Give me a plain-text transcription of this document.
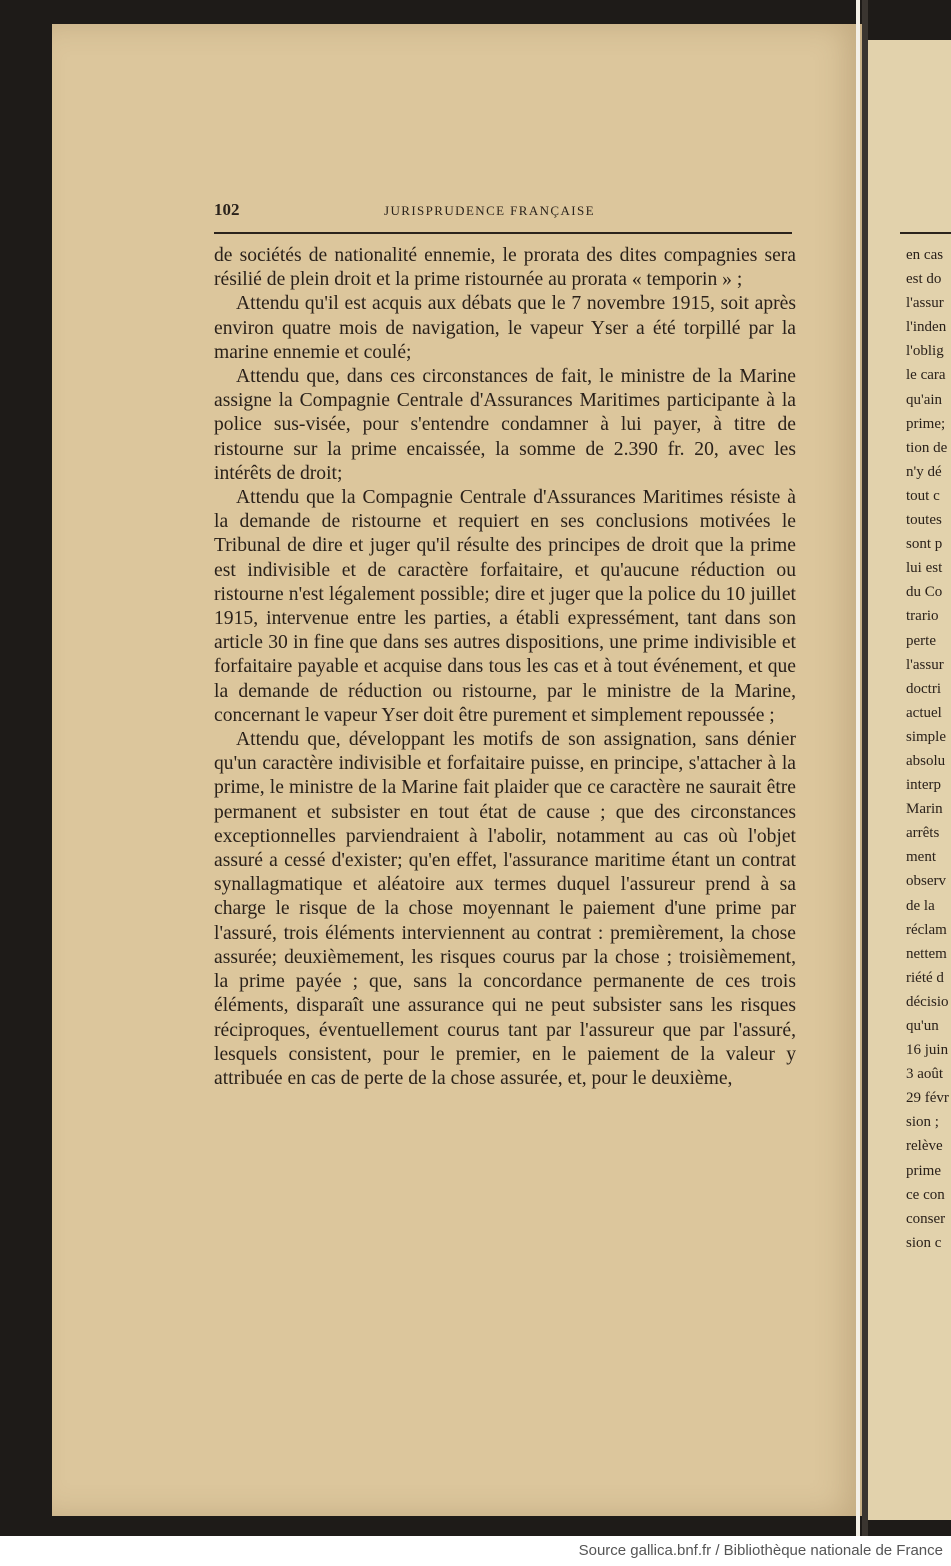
en cas
est do
l'assur
l'inden
l'oblig
le cara
qu'ain
prime;
tion de
n'y dé
tout c
toutes
sont p
lui est
du Co
trario
perte
l'assur
doctri
actuel
simple
absolu
interp
Marin
arrêts
ment
observ
de la
réclam
nettem
riété d
décisio
qu'un
16 juin
3 août
29 févr
sion ;
relève
prime
ce con
conser
sion c
102	JURISPRUDENCE FRANÇAISE

de sociétés de nationalité ennemie, le prorata des dites compagnies sera résilié de plein droit et la prime ristournée au prorata « temporin » ;

Attendu qu'il est acquis aux débats que le 7 novembre 1915, soit après environ quatre mois de navigation, le vapeur Yser a été torpillé par la marine ennemie et coulé;

Attendu que, dans ces circonstances de fait, le ministre de la Marine assigne la Compagnie Centrale d'Assurances Maritimes participante à la police sus-visée, pour s'entendre condamner à lui payer, à titre de ristourne sur la prime encaissée, la somme de 2.390 fr. 20, avec les intérêts de droit;

Attendu que la Compagnie Centrale d'Assurances Maritimes résiste à la demande de ristourne et requiert en ses conclusions motivées le Tribunal de dire et juger qu'il résulte des principes de droit que la prime est indivisible et de caractère forfaitaire, et qu'aucune réduction ou ristourne n'est légalement possible; dire et juger que la police du 10 juillet 1915, intervenue entre les parties, a établi expressément, tant dans son article 30 in fine que dans ses autres dispositions, une prime indivisible et forfaitaire payable et acquise dans tous les cas et à tout événement, et que la demande de réduction ou ristourne, par le ministre de la Marine, concernant le vapeur Yser doit être purement et simplement repoussée ;

Attendu que, développant les motifs de son assignation, sans dénier qu'un caractère indivisible et forfaitaire puisse, en principe, s'attacher à la prime, le ministre de la Marine fait plaider que ce caractère ne saurait être permanent et subsister en tout état de cause ; que des circonstances exceptionnelles parviendraient à l'abolir, notamment au cas où l'objet assuré a cessé d'exister; qu'en effet, l'assurance maritime étant un contrat synallagmatique et aléatoire aux termes duquel l'assureur prend à sa charge le risque de la chose moyennant le paiement d'une prime par l'assuré, trois éléments interviennent au contrat : premièrement, la chose assurée; deuxièmement, les risques courus par la chose ; troisièmement, la prime payée ; que, sans la concordance permanente de ces trois éléments, disparaît une assurance qui ne peut subsister sans les risques réciproques, éventuellement courus tant par l'assureur que par l'assuré, lesquels consistent, pour le premier, en le paiement de la valeur y attribuée en cas de perte de la chose assurée, et, pour le deuxième,

Source gallica.bnf.fr / Bibliothèque nationale de France
